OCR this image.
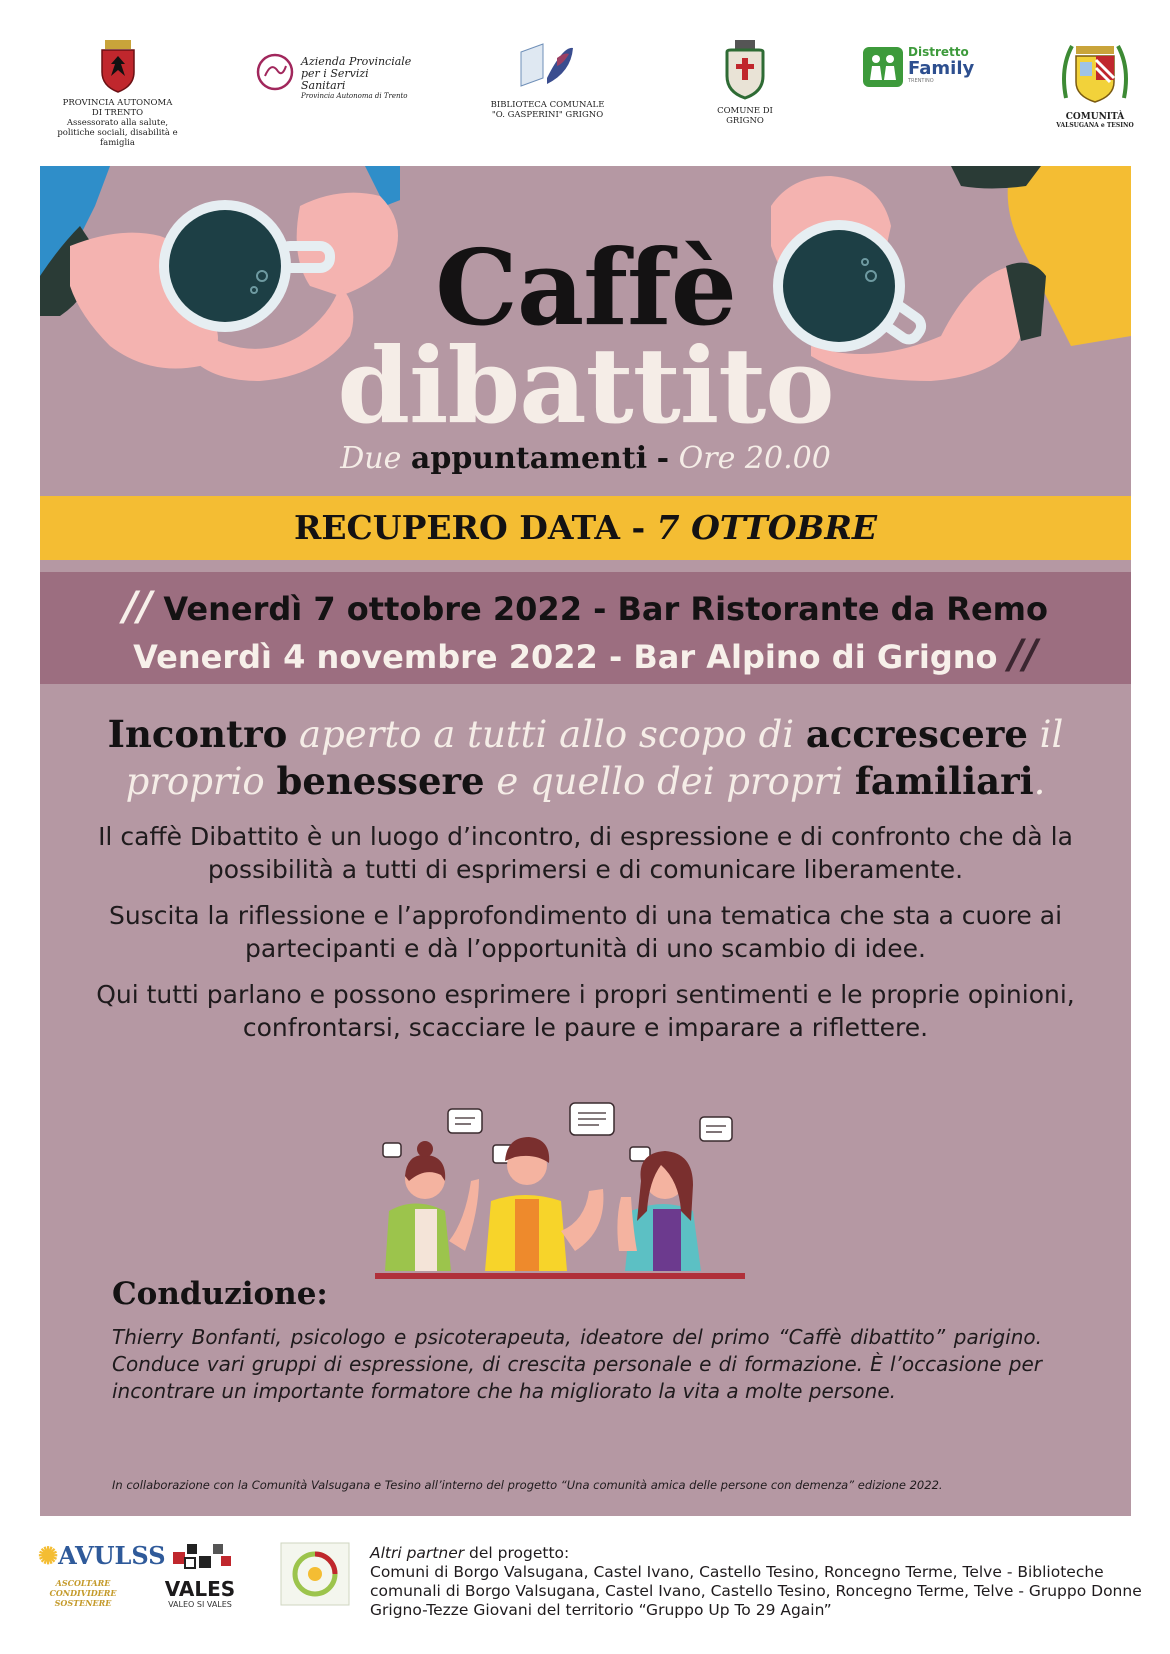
PROVINCIA AUTONOMA
DI TRENTO
Assessorato alla salute,
politiche sociali, disabilità e famiglia
Azienda Provinciale
per i Servizi Sanitari
Provincia Autonoma di Trento
BIBLIOTECA COMUNALE
"O. GASPERINI" GRIGNO	COMUNE DI
GRIGNO
Distretto
Family
TRENTINO
COMUNITÀ
VALSUGANA e TESINO
Caffè
dibattito
Due appuntamenti - Ore 20.00
RECUPERO DATA - 7 OTTOBRE
// Venerdì 7 ottobre 2022 - Bar Ristorante da Remo
Venerdì 4 novembre 2022 - Bar Alpino di Grigno //
Incontro aperto a tutti allo scopo di accrescere il proprio benessere e quello dei propri familiari.
Il caffè Dibattito è un luogo d’incontro, di espressione e di confronto che dà la possibilità a tutti di esprimersi e di comunicare liberamente.
Suscita la riflessione e l’approfondimento di una tematica che sta a cuore ai partecipanti e dà l’opportunità di uno scambio di idee.
Qui tutti parlano e possono esprimere i propri sentimenti e le proprie opinioni, confrontarsi, scacciare le paure e imparare a riflettere.
Conduzione:
Thierry Bonfanti, psicologo e psicoterapeuta, ideatore del primo “Caffè dibattito” parigino. Conduce vari gruppi di espressione, di crescita personale e di formazione. È l’occasione per incontrare un importante formatore che ha migliorato la vita a molte persone.
In collaborazione con la Comunità Valsugana e Tesino all’interno del progetto “Una comunità amica delle persone con demenza” edizione 2022.
✺AVULSS
ASCOLTARE
CONDIVIDERE
SOSTENERE
VALES
VALEO SI VALES
Altri partner del progetto:
Comuni di Borgo Valsugana, Castel Ivano, Castello Tesino, Roncegno Terme, Telve - Biblioteche comunali di Borgo Valsugana, Castel Ivano, Castello Tesino, Roncegno Terme, Telve - Gruppo Donne Grigno-Tezze Giovani del territorio “Gruppo Up To 29 Again”
